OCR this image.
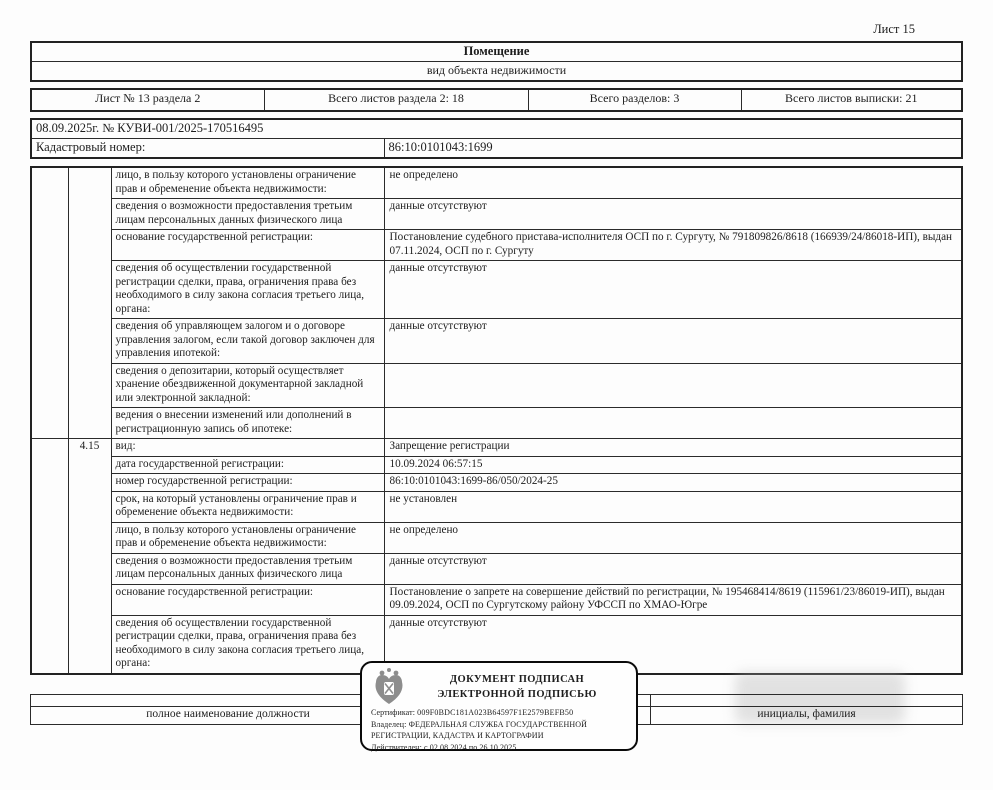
Лист 15
Помещение
вид объекта недвижимости
Лист № 13 раздела 2	Всего листов раздела 2: 18	Всего разделов: 3	Всего листов выписки: 21
08.09.2025г. № КУВИ-001/2025-170516495
Кадастровый номер:	86:10:0101043:1699
		лицо, в пользу которого установлены ограничение прав и обременение объекта недвижимости:	не определено
		сведения о возможности предоставления третьим лицам персональных данных физического лица	данные отсутствуют
		основание государственной регистрации:	Постановление судебного пристава-исполнителя ОСП по г. Сургуту, № 791809826/8618 (166939/24/86018-ИП), выдан 07.11.2024, ОСП по г. Сургуту
		сведения об осуществлении государственной регистрации сделки, права, ограничения права без необходимого в силу закона согласия третьего лица, органа:	данные отсутствуют
		сведения об управляющем залогом и о договоре управления залогом, если такой договор заключен для управления ипотекой:	данные отсутствуют
		сведения о депозитарии, который осуществляет хранение обездвиженной документарной закладной или электронной закладной:	
		ведения о внесении изменений или дополнений в регистрационную запись об ипотеке:	
	4.15	вид:	Запрещение регистрации
		дата государственной регистрации:	10.09.2024 06:57:15
		номер государственной регистрации:	86:10:0101043:1699-86/050/2024-25
		срок, на который установлены ограничение прав и обременение объекта недвижимости:	не установлен
		лицо, в пользу которого установлены ограничение прав и обременение объекта недвижимости:	не определено
		сведения о возможности предоставления третьим лицам персональных данных физического лица	данные отсутствуют
		основание государственной регистрации:	Постановление о запрете на совершение действий по регистрации, № 195468414/8619 (115961/23/86019-ИП), выдан 09.09.2024, ОСП по Сургутскому району УФССП по ХМАО-Югре
		сведения об осуществлении государственной регистрации сделки, права, ограничения права без необходимого в силу закона согласия третьего лица, органа:	данные отсутствуют

полное наименование должности		инициалы, фамилия
ДОКУМЕНТ ПОДПИСАН
ЭЛЕКТРОННОЙ ПОДПИСЬЮ
Сертификат: 009F0BDC181A023B64597F1E2579BEFB50
Владелец: ФЕДЕРАЛЬНАЯ СЛУЖБА ГОСУДАРСТВЕННОЙ РЕГИСТРАЦИИ, КАДАСТРА И КАРТОГРАФИИ
Действителен: с 02 08 2024 по 26 10 2025
